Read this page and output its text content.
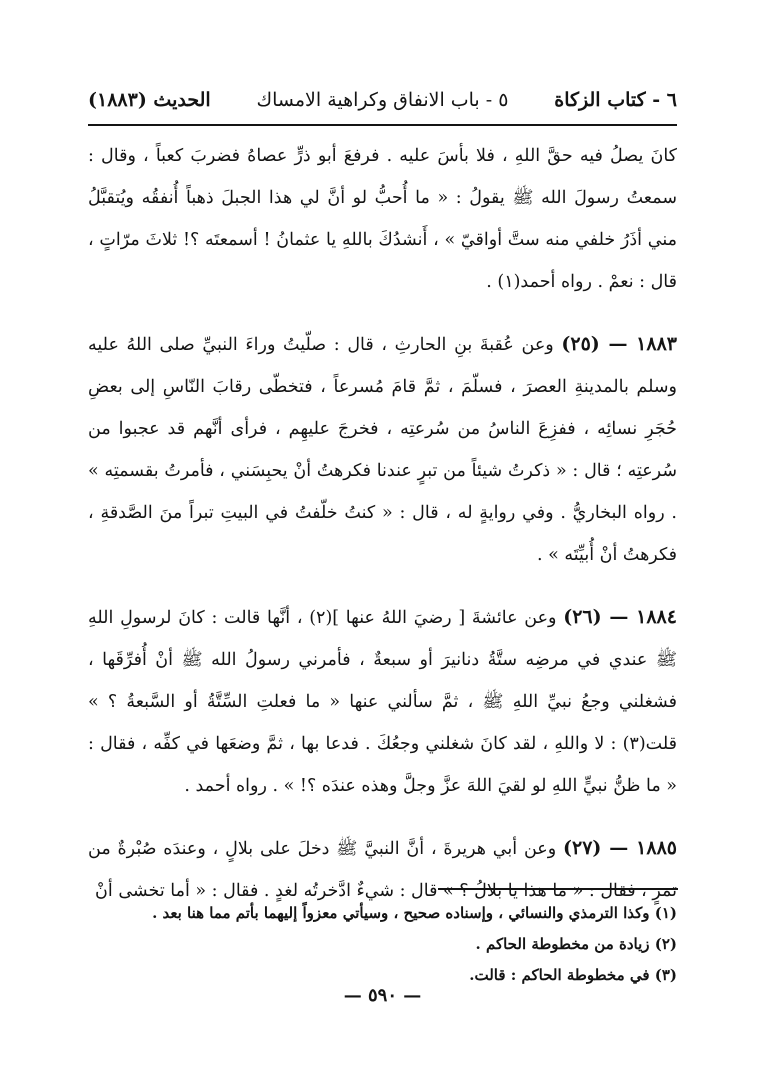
٦ - كتاب الزكاة
٥ - باب الانفاق وكراهية الامساك
الحديث (١٨٨٣)

كانَ يصلُ فيه حقَّ اللهِ ، فلا بأسَ عليه . فرفعَ أبو ذرٍّ عصاهُ فضربَ كعباً ، وقال : سمعتُ رسولَ الله ﷺ يقولُ : « ما أُحبُّ لو أنَّ لي هذا الجبلَ ذهباً أُنفقُه ويُتقبَّلُ مني أذَرُ خلفي منه ستَّ أواقيّ » ، أَنشدُكَ باللهِ يا عثمانُ ! أسمعتَه ؟! ثلاثَ مرّاتٍ ، قال : نعمْ . رواه أحمد(١) .

١٨٨٣ — (٢٥) وعن عُقبةَ بنِ الحارثِ ، قال : صلّيتُ وراءَ النبيِّ صلى اللهُ عليه وسلم بالمدينةِ العصرَ ، فسلّمَ ، ثمَّ قامَ مُسرعاً ، فتخطّى رقابَ النّاسِ إلى بعضِ حُجَرِ نسائِه ، ففزِعَ الناسُ من سُرعتِه ، فخرجَ عليهِم ، فرأى أنَّهم قد عجبوا من سُرعتِه ؛ قال : « ذكرتُ شيئاً من تبرٍ عندنا فكرهتُ أنْ يحبِسَني ، فأمرتُ بقسمتِه » . رواه البخاريُّ . وفي روايةٍ له ، قال : « كنتُ خلّفتُ في البيتِ تبراً منَ الصَّدقةِ ، فكرهتُ أنْ أُبيِّتَه » .

١٨٨٤ — (٢٦) وعن عائشةَ [ رضيَ اللهُ عنها ](٢) ، أنَّها قالت : كانَ لرسولِ اللهِ ﷺ عندي في مرضِه ستَّةُ دنانيرَ أو سبعةٌ ، فأمرني رسولُ الله ﷺ أنْ أُفرِّقَها ، فشغلني وجعُ نبيِّ اللهِ ﷺ ، ثمَّ سألني عنها « ما فعلتِ السِّتَّةُ أو السَّبعةُ ؟ » قلت(٣) : لا واللهِ ، لقد كانَ شغلني وجعُكَ . فدعا بها ، ثمَّ وضعَها في كفِّه ، فقال : « ما ظنُّ نبيٍّ اللهِ لو لقيَ اللهَ عزَّ وجلَّ وهذه عندَه ؟! » . رواه أحمد .

١٨٨٥ — (٢٧) وعن أبي هريرةَ ، أنَّ النبيَّ ﷺ دخلَ على بلالٍ ، وعندَه صُبْرةٌ من تمرٍ ، فقال : « ما هذا يا بلالُ ؟ » قال : شيءٌ ادَّخرتُه لغدٍ . فقال : « أما تخشى أنْ

(١) وكذا الترمذي والنسائي ، وإسناده صحيح ، وسيأتي معزواً إليهما بأتم مما هنا بعد .
(٢) زيادة من مخطوطة الحاكم .
(٣) في مخطوطة الحاكم : قالت.
— ٥٩٠ —
